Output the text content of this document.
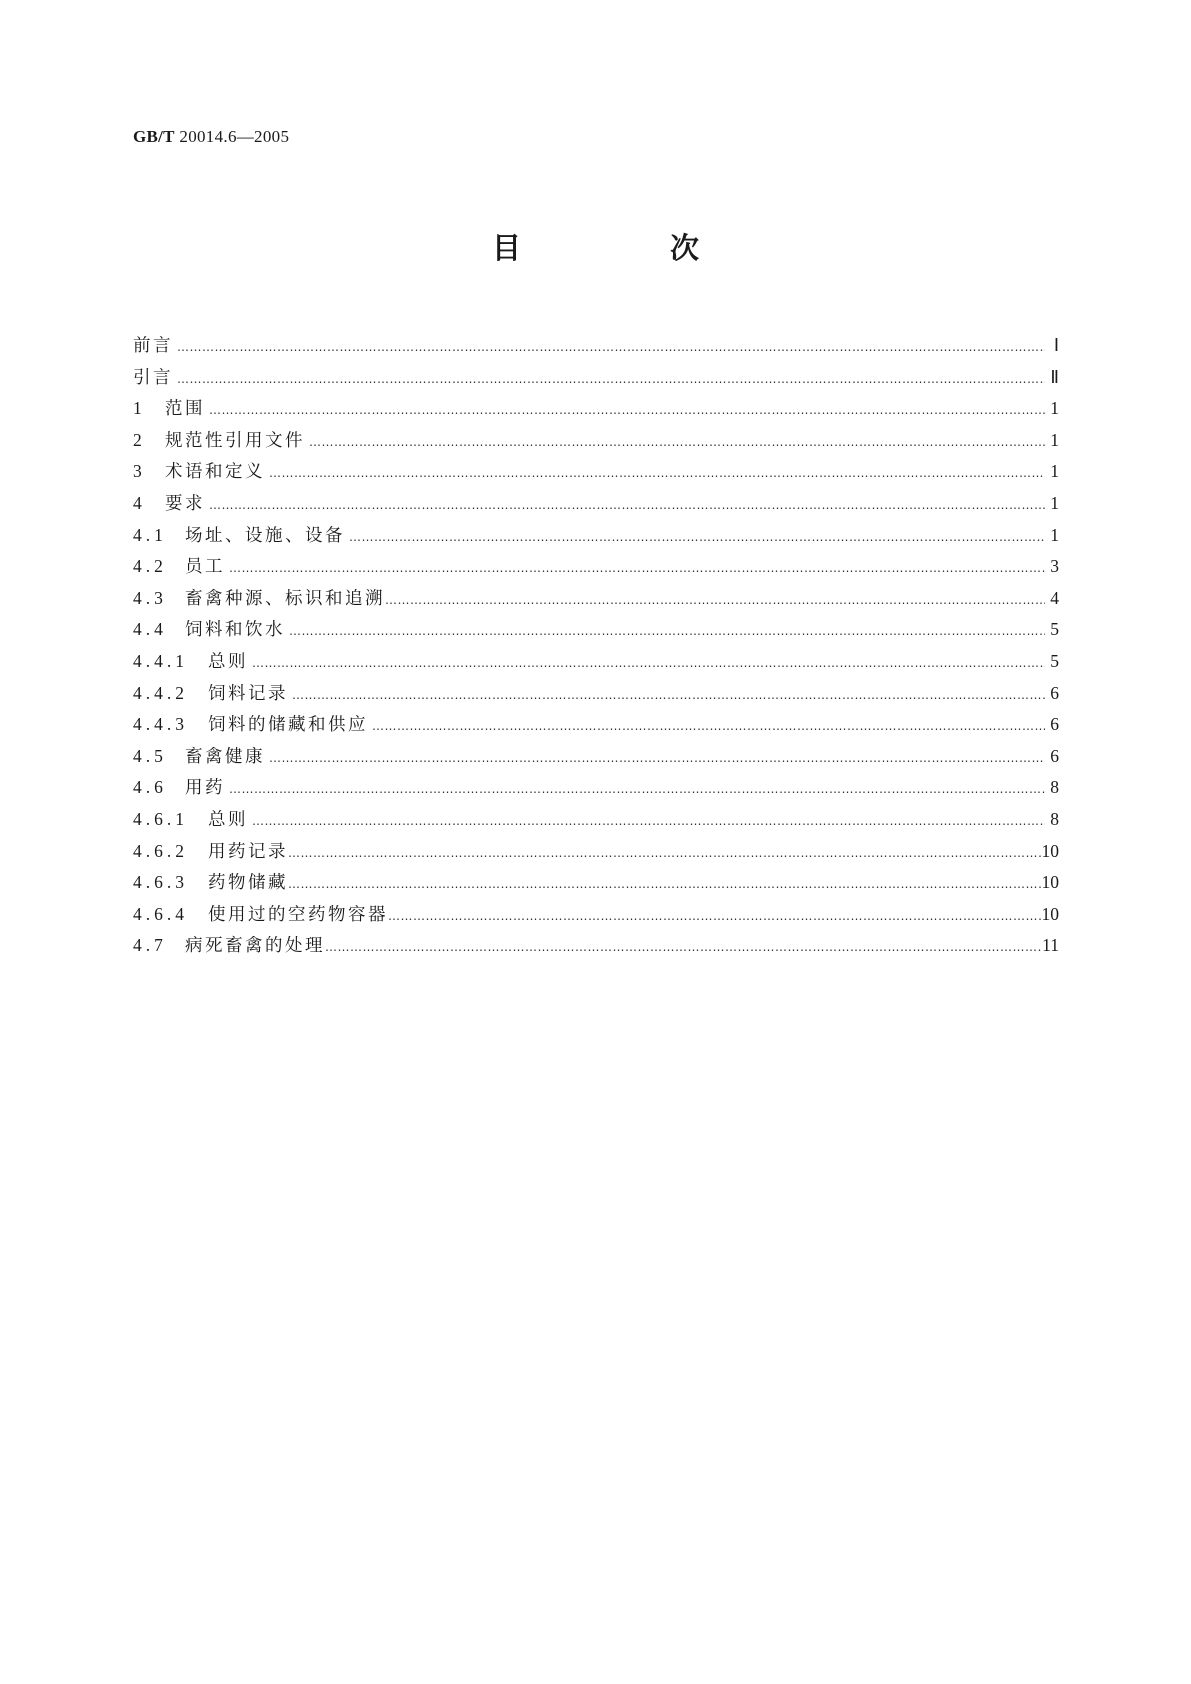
GB/T 20014.6—2005
目　次
前言 …………………………………………………………………………………………………………………………………………………………………………………………………………………………………………………………………………………	Ⅰ
引言 …………………………………………………………………………………………………………………………………………………………………………………………………………………………………………………………………………………	Ⅱ
1	范围 …………………………………………………………………………………………………………………………………………………………………………………………………………………………………………………………………………………	1
2	规范性引用文件 …………………………………………………………………………………………………………………………………………………………………………………………………………………………………………………………………………………	1
3	术语和定义 …………………………………………………………………………………………………………………………………………………………………………………………………………………………………………………………………………………	1
4	要求 …………………………………………………………………………………………………………………………………………………………………………………………………………………………………………………………………………………	1
4.1	场址、设施、设备 …………………………………………………………………………………………………………………………………………………………………………………………………………………………………………………………………………………	1
4.2	员工 …………………………………………………………………………………………………………………………………………………………………………………………………………………………………………………………………………………	3
4.3	畜禽种源、标识和追溯 …………………………………………………………………………………………………………………………………………………………………………………………………………………………………………………………………………………	4
4.4	饲料和饮水 …………………………………………………………………………………………………………………………………………………………………………………………………………………………………………………………………………………	5
4.4.1	总则 …………………………………………………………………………………………………………………………………………………………………………………………………………………………………………………………………………………	5
4.4.2	饲料记录 …………………………………………………………………………………………………………………………………………………………………………………………………………………………………………………………………………………	6
4.4.3	饲料的储藏和供应 …………………………………………………………………………………………………………………………………………………………………………………………………………………………………………………………………………………	6
4.5	畜禽健康 …………………………………………………………………………………………………………………………………………………………………………………………………………………………………………………………………………………	6
4.6	用药 …………………………………………………………………………………………………………………………………………………………………………………………………………………………………………………………………………………	8
4.6.1	总则 …………………………………………………………………………………………………………………………………………………………………………………………………………………………………………………………………………………	8
4.6.2	用药记录 …………………………………………………………………………………………………………………………………………………………………………………………………………………………………………………………………………………	10
4.6.3	药物储藏 …………………………………………………………………………………………………………………………………………………………………………………………………………………………………………………………………………………	10
4.6.4	使用过的空药物容器 …………………………………………………………………………………………………………………………………………………………………………………………………………………………………………………………………………………	10
4.7	病死畜禽的处理 …………………………………………………………………………………………………………………………………………………………………………………………………………………………………………………………………………………	11
